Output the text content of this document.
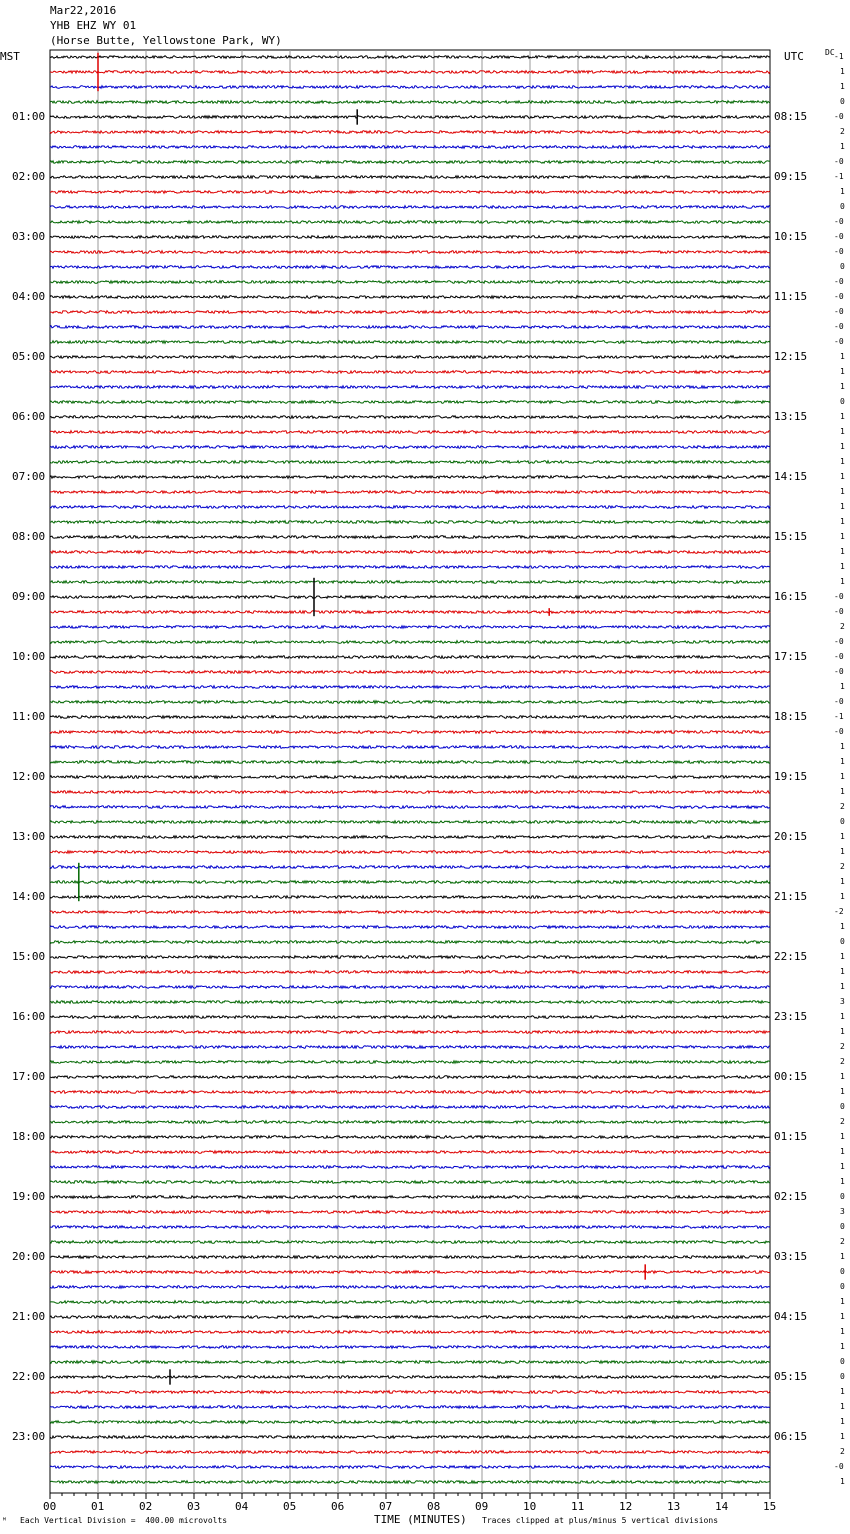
Mar22,2016
YHB EHZ WY 01
(Horse Butte, Yellowstone Park, WY)
MST	UTC	DC
01:00
02:00
03:00
04:00
05:00
06:00
07:00
08:00
09:00
10:00
11:00
12:00
13:00
14:00
15:00
16:00
17:00
18:00
19:00
20:00
21:00
22:00
23:00
08:15
09:15
10:15
11:15
12:15
13:15
14:15
15:15
16:15
17:15
18:15
19:15
20:15
21:15
22:15
23:15
00:15
01:15
02:15
03:15
04:15
05:15
06:15
-1
1
1
0
-0
2
1
-0
-1
1
0
-0
-0
-0
0
-0
-0
-0
-0
-0
1
1
1
0
1
1
1
1
1
1
1
1
1
1
1
1
-0
-0
2
-0
-0
-0
1
-0
-1
-0
1
1
1
1
2
0
1
1
2
1
1
-2
1
0
1
1
1
3
1
1
2
2
1
1
0
2
1
1
1
1
0
3
0
2
1
0
0
1
1
1
1
0
0
1
1
1
1
2
-0
1
00	01	02	03	04	05	06	07	08	09	10	11	12	13	14	15
ᴹ Each Vertical Division =  400.00 microvolts	TIME (MINUTES) Traces clipped at plus/minus 5 vertical divisions
